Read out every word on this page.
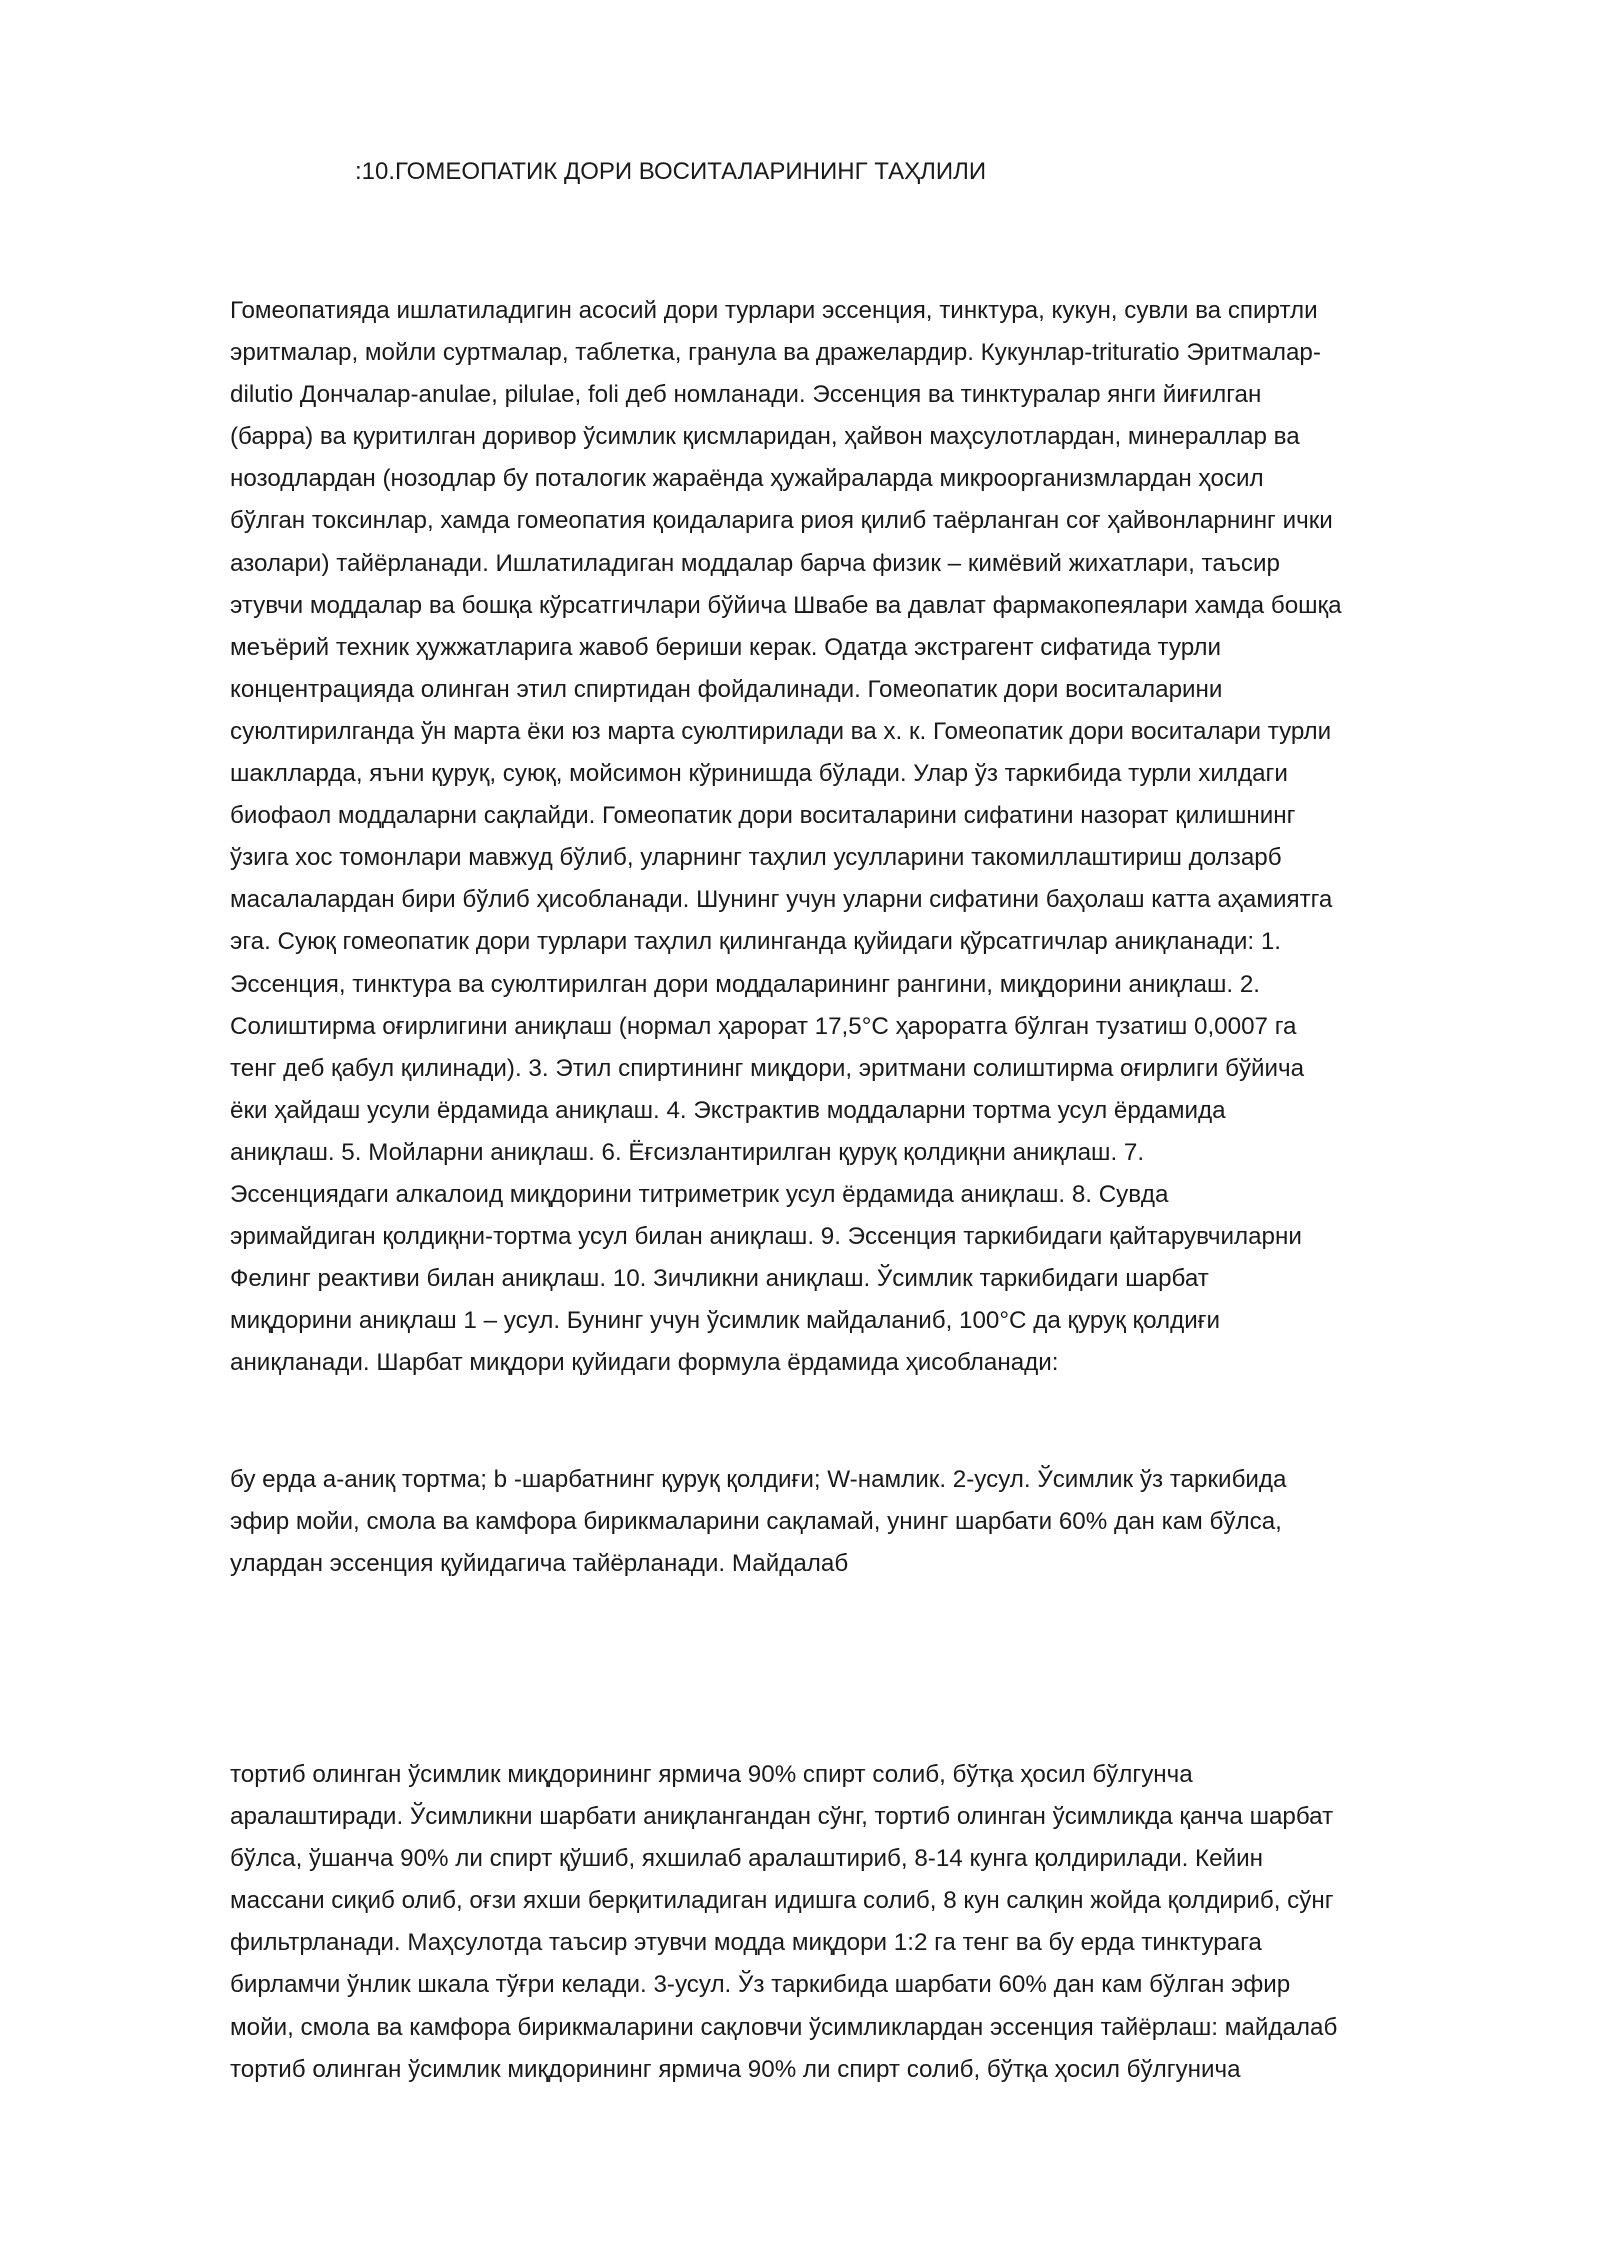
:10.ГОМЕОПАТИК ДОРИ ВОСИТАЛАРИНИНГ ТАҲЛИЛИ
Гомеопатияда ишлатиладигин асосий дори турлари эссенция, тинктура, кукун, сувли ва спиртли
эритмалар, мойли суртмалар, таблетка, гранула ва дражелардир. Кукунлар-trituratio Эритмалар-
dilutio Дончалар-anulae, pilulae, foli деб номланади. Эссенция ва тинктуралар янги йиғилган
(барра) ва қуритилган доривор ўсимлик қисмларидан, ҳайвон маҳсулотлардан, минераллар ва
нозодлардан (нозодлар бу поталогик жараёнда ҳужайраларда микроорганизмлардан ҳосил
бўлган токсинлар, хамда гомеопатия қоидаларига риоя қилиб таёрланган соғ ҳайвонларнинг ички
азолари) тайёрланади. Ишлатиладиган моддалар барча физик – кимёвий жихатлари, таъсир
этувчи моддалар ва бошқа кўрсатгичлари бўйича Швабе ва давлат фармакопеялари хамда бошқа
меъёрий техник ҳужжатларига жавоб бериши керак. Одатда экстрагент сифатида турли
концентрацияда олинган этил спиртидан фойдалинади. Гомеопатик дори воситаларини
суюлтирилганда ўн марта ёки юз марта суюлтирилади ва х. к. Гомеопатик дори воситалари турли
шаклларда, яъни қуруқ, суюқ, мойсимон кўринишда бўлади. Улар ўз таркибида турли хилдаги
биофаол моддаларни сақлайди. Гомеопатик дори воситаларини сифатини назорат қилишнинг
ўзига хос томонлари мавжуд бўлиб, уларнинг таҳлил усулларини такомиллаштириш долзарб
масалалардан бири бўлиб ҳисобланади. Шунинг учун уларни сифатини баҳолаш катта аҳамиятга
эга. Суюқ гомеопатик дори турлари таҳлил қилинганда қуйидаги қўрсатгичлар аниқланади: 1.
Эссенция, тинктура ва суюлтирилган дори моддаларининг рангини, миқдорини аниқлаш. 2.
Солиштирма оғирлигини аниқлаш (нормал ҳарорат 17,5°С ҳароратга бўлган тузатиш 0,0007 га
тенг деб қабул қилинади). 3. Этил спиртининг миқдори, эритмани солиштирма оғирлиги бўйича
ёки ҳайдаш усули ёрдамида аниқлаш. 4. Экстрактив моддаларни тортма усул ёрдамида
аниқлаш. 5. Мойларни аниқлаш. 6. Ёғсизлантирилган қуруқ қолдиқни аниқлаш. 7.
Эссенциядаги алкалоид миқдорини титриметрик усул ёрдамида аниқлаш. 8. Сувда
эримайдиган қолдиқни-тортма усул билан аниқлаш. 9. Эссенция таркибидаги қайтарувчиларни
Фелинг реактиви билан аниқлаш. 10. Зичликни аниқлаш. Ўсимлик таркибидаги шарбат
миқдорини аниқлаш 1 – усул. Бунинг учун ўсимлик майдаланиб, 100°С да қуруқ қолдиғи
аниқланади. Шарбат миқдори қуйидаги формула ёрдамида ҳисобланади:
бу ерда а-аниқ тортма; b -шарбатнинг қуруқ қолдиғи; W-намлик. 2-усул. Ўсимлик ўз таркибида
эфир мойи, смола ва камфора бирикмаларини сақламай, унинг шарбати 60% дан кам бўлса,
улардан эссенция қуйидагича тайёрланади. Майдалаб
тортиб олинган ўсимлик миқдорининг ярмича 90% спирт солиб, бўтқа ҳосил бўлгунча
аралаштиради. Ўсимликни шарбати аниқлангандан сўнг, тортиб олинган ўсимликда қанча шарбат
бўлса, ўшанча 90% ли спирт қўшиб, яхшилаб аралаштириб, 8-14 кунга қолдирилади. Кейин
массани сиқиб олиб, оғзи яхши берқитиладиган идишга солиб, 8 кун салқин жойда қолдириб, сўнг
фильтрланади. Маҳсулотда таъсир этувчи модда миқдори 1:2 га тенг ва бу ерда тинктурага
бирламчи ўнлик шкала тўғри келади. 3-усул. Ўз таркибида шарбати 60% дан кам бўлган эфир
мойи, смола ва камфора бирикмаларини сақловчи ўсимликлардан эссенция тайёрлаш: майдалаб
тортиб олинган ўсимлик миқдорининг ярмича 90% ли спирт солиб, бўтқа ҳосил бўлгунича
